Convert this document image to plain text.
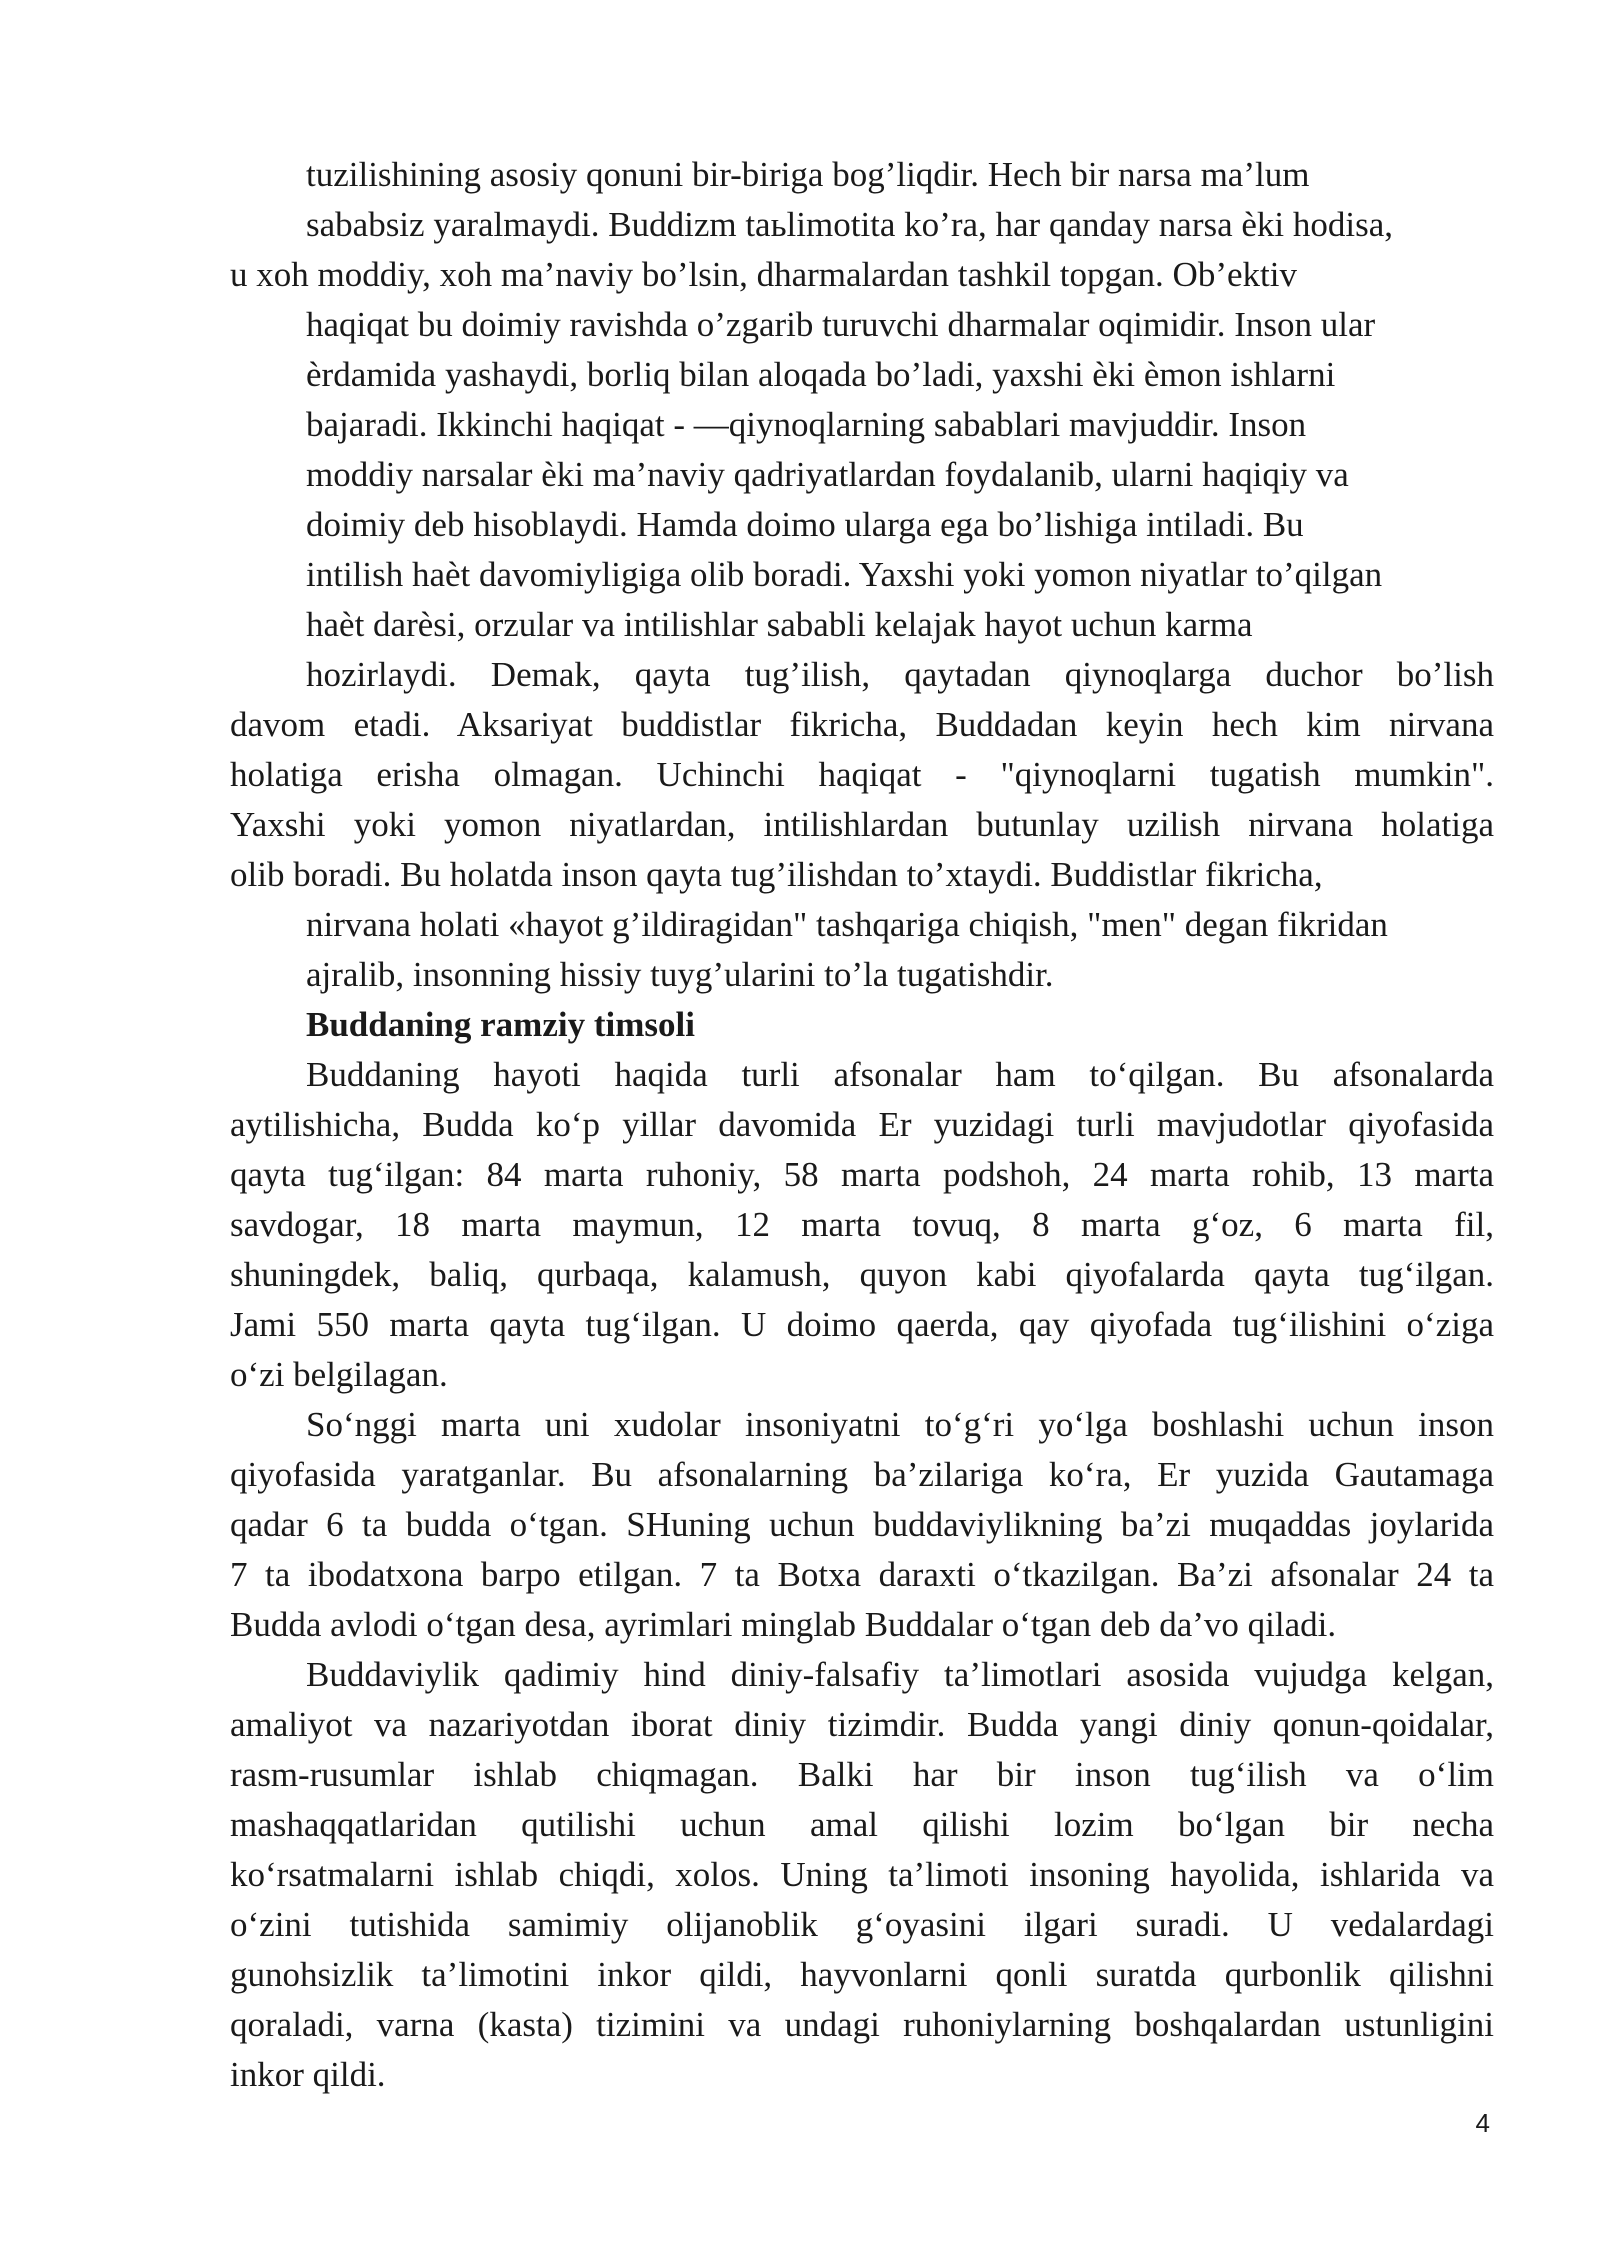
tuzilishining asosiy qonuni bir-biriga bog’liqdir. Hech bir narsa ma’lum
sababsiz yaralmaydi. Buddizm taьlimotita ko’ra, har qanday narsa èki hodisa,
u xoh moddiy, xoh ma’naviy bo’lsin, dharmalardan tashkil topgan. Ob’ektiv
haqiqat bu doimiy ravishda o’zgarib turuvchi dharmalar oqimidir. Inson ular
èrdamida yashaydi, borliq bilan aloqada bo’ladi, yaxshi èki èmon ishlarni
bajaradi. Ikkinchi haqiqat - ―qiynoqlarning sabablari mavjuddir. Inson
moddiy narsalar èki ma’naviy qadriyatlardan foydalanib, ularni haqiqiy va
doimiy deb hisoblaydi. Hamda doimo ularga ega bo’lishiga intiladi. Bu
intilish haèt davomiyligiga olib boradi. Yaxshi yoki yomon niyatlar to’qilgan
haèt darèsi, orzular va intilishlar sababli kelajak hayot uchun karma
hozirlaydi. Demak, qayta tug’ilish, qaytadan qiynoqlarga duchor bo’lish
davom etadi. Aksariyat buddistlar fikricha, Buddadan keyin hech kim nirvana
holatiga erisha olmagan. Uchinchi haqiqat - "qiynoqlarni tugatish mumkin".
Yaxshi yoki yomon niyatlardan, intilishlardan butunlay uzilish nirvana holatiga
olib boradi. Bu holatda inson qayta tug’ilishdan to’xtaydi. Buddistlar fikricha,
nirvana holati «hayot g’ildiragidan" tashqariga chiqish, "men" degan fikridan
ajralib, insonning hissiy tuyg’ularini to’la tugatishdir.
Buddaning ramziy timsoli
Buddaning hayoti haqida turli afsonalar ham to‘qilgan. Bu afsonalarda
aytilishicha, Budda ko‘p yillar davomida Er yuzidagi turli mavjudotlar qiyofasida
qayta tug‘ilgan: 84 marta ruhoniy, 58 marta podshoh, 24 marta rohib, 13 marta
savdogar, 18 marta maymun, 12 marta tovuq, 8 marta g‘oz, 6 marta fil,
shuningdek, baliq, qurbaqa, kalamush, quyon kabi qiyofalarda qayta tug‘ilgan.
Jami 550 marta qayta tug‘ilgan. U doimo qaerda, qay qiyofada tug‘ilishini o‘ziga
o‘zi belgilagan.
So‘nggi marta uni xudolar insoniyatni to‘g‘ri yo‘lga boshlashi uchun inson
qiyofasida yaratganlar. Bu afsonalarning ba’zilariga ko‘ra, Er yuzida Gautamaga
qadar 6 ta budda o‘tgan. SHuning uchun buddaviylikning ba’zi muqaddas joylarida
7 ta ibodatxona barpo etilgan. 7 ta Botxa daraxti o‘tkazilgan. Ba’zi afsonalar 24 ta
Budda avlodi o‘tgan desa, ayrimlari minglab Buddalar o‘tgan deb da’vo qiladi.
Buddaviylik qadimiy hind diniy-falsafiy ta’limotlari asosida vujudga kelgan,
amaliyot va nazariyotdan iborat diniy tizimdir. Budda yangi diniy qonun-qoidalar,
rasm-rusumlar ishlab chiqmagan. Balki har bir inson tug‘ilish va o‘lim
mashaqqatlaridan qutilishi uchun amal qilishi lozim bo‘lgan bir necha
ko‘rsatmalarni ishlab chiqdi, xolos. Uning ta’limoti insoning hayolida, ishlarida va
o‘zini tutishida samimiy olijanoblik g‘oyasini ilgari suradi. U vedalardagi
gunohsizlik ta’limotini inkor qildi, hayvonlarni qonli suratda qurbonlik qilishni
qoraladi, varna (kasta) tizimini va undagi ruhoniylarning boshqalardan ustunligini
inkor qildi.
4
